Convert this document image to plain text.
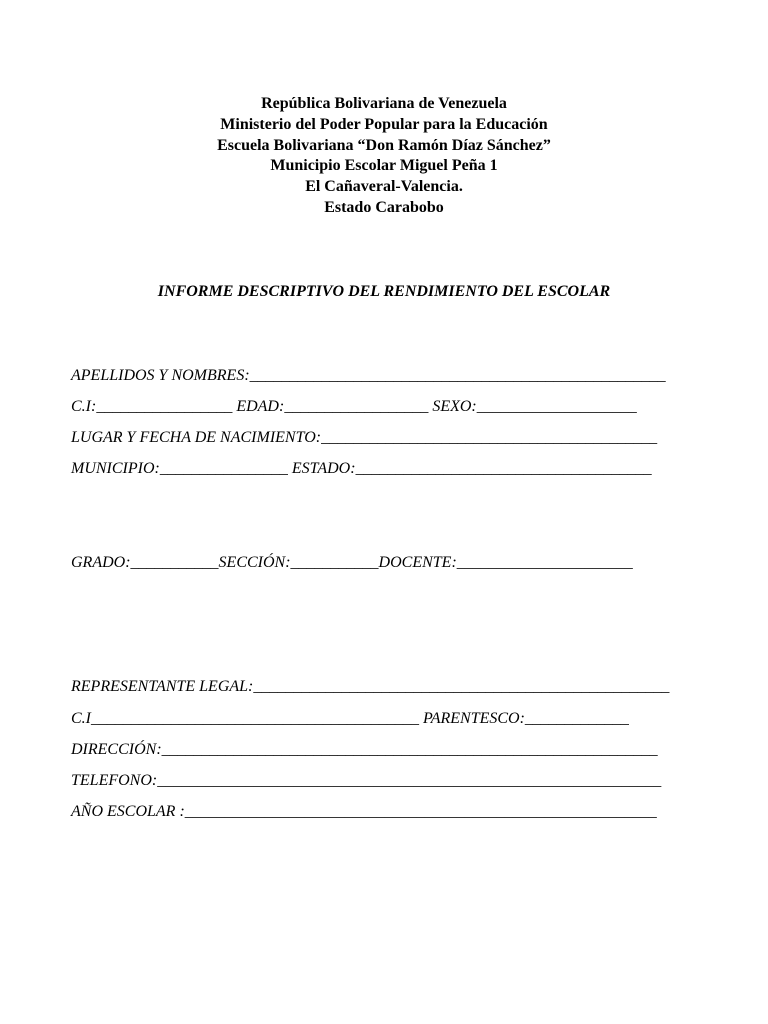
República Bolivariana de Venezuela
Ministerio del Poder Popular para la Educación
Escuela Bolivariana “Don Ramón Díaz Sánchez”
Municipio Escolar Miguel Peña 1
El Cañaveral-Valencia.
Estado Carabobo
INFORME DESCRIPTIVO DEL RENDIMIENTO DEL ESCOLAR
APELLIDOS Y NOMBRES:____________________________________________________
C.I:_________________ EDAD:__________________ SEXO:____________________
LUGAR Y FECHA DE NACIMIENTO:__________________________________________
MUNICIPIO:________________ ESTADO:_____________________________________
GRADO:___________SECCIÓN:___________DOCENTE:______________________
REPRESENTANTE LEGAL:____________________________________________________
C.I_________________________________________ PARENTESCO:_____________
DIRECCIÓN:______________________________________________________________
TELEFONO:_______________________________________________________________
AÑO ESCOLAR :___________________________________________________________
